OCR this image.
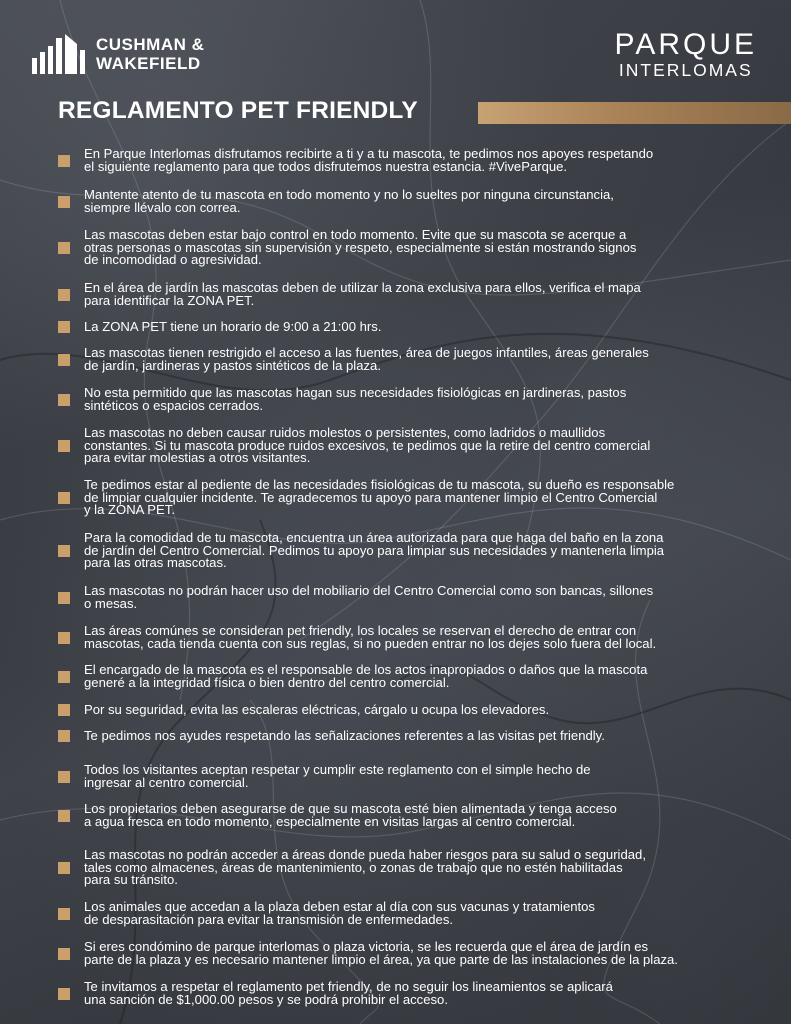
CUSHMAN &
WAKEFIELD
PARQUE
INTERLOMAS
REGLAMENTO PET FRIENDLY
En Parque Interlomas disfrutamos recibirte a ti y a tu mascota, te pedimos nos apoyes respetando
el siguiente reglamento para que todos disfrutemos nuestra estancia. #ViveParque.
Mantente atento de tu mascota en todo momento y no lo sueltes por ninguna circunstancia,
siempre llévalo con correa.
Las mascotas deben estar bajo control en todo momento. Evite que su mascota se acerque a
otras personas o mascotas sin supervisión y respeto, especialmente si están mostrando signos
de incomodidad o agresividad.
En el área de jardín las mascotas deben de utilizar la zona exclusiva para ellos, verifica el mapa
para identificar la ZONA PET.
La ZONA PET tiene un horario de 9:00 a 21:00 hrs.
Las mascotas tienen restrigido el acceso a las fuentes, área de juegos infantiles, áreas generales
de jardín, jardineras y pastos sintéticos de la plaza.
No esta permitido que las mascotas hagan sus necesidades fisiológicas en jardineras, pastos
sintéticos o espacios cerrados.
Las mascotas no deben causar ruidos molestos o persistentes, como ladridos o maullidos
constantes. Si tu mascota produce ruidos excesivos, te pedimos que la retire del centro comercial
para evitar molestias a otros visitantes.
Te pedimos estar al pediente de las necesidades fisiológicas de tu mascota, su dueño es responsable
de limpiar cualquier incidente. Te agradecemos tu apoyo para mantener limpio el Centro Comercial
y la ZONA PET.
Para la comodidad de tu mascota, encuentra un área autorizada para que haga del baño en la zona
de jardín del Centro Comercial. Pedimos tu apoyo para limpiar sus necesidades y mantenerla limpia
para las otras mascotas.
Las mascotas no podrán hacer uso del mobiliario del Centro Comercial como son bancas, sillones
o mesas.
Las áreas comúnes se consideran pet friendly, los locales se reservan el derecho de entrar con
mascotas, cada tienda cuenta con sus reglas, si no pueden entrar no los dejes solo fuera del local.
El encargado de la mascota es el responsable de los actos inapropiados o daños que la mascota
generé a la integridad física o bien dentro del centro comercial.
Por su seguridad, evita las escaleras eléctricas, cárgalo u ocupa los elevadores.
Te pedimos nos ayudes respetando las señalizaciones referentes a las visitas pet friendly.
Todos los visitantes aceptan respetar y cumplir este reglamento con el simple hecho de
ingresar al centro comercial.
Los propietarios deben asegurarse de que su mascota esté bien alimentada y tenga acceso
a agua fresca en todo momento, especialmente en visitas largas al centro comercial.
Las mascotas no podrán acceder a áreas donde pueda haber riesgos para su salud o seguridad,
tales como almacenes, áreas de mantenimiento, o zonas de trabajo que no estén habilitadas
para su tránsito.
Los animales que accedan a la plaza deben estar al día con sus vacunas y tratamientos
de desparasitación para evitar la transmisión de enfermedades.
Si eres condómino de parque interlomas o plaza victoria, se les recuerda que el área de jardín es
parte de la plaza y es necesario mantener limpio el área, ya que parte de las instalaciones de la plaza.
Te invitamos a respetar el reglamento pet friendly, de no seguir los lineamientos se aplicará
una sanción de $1,000.00 pesos y se podrá prohibir el acceso.
